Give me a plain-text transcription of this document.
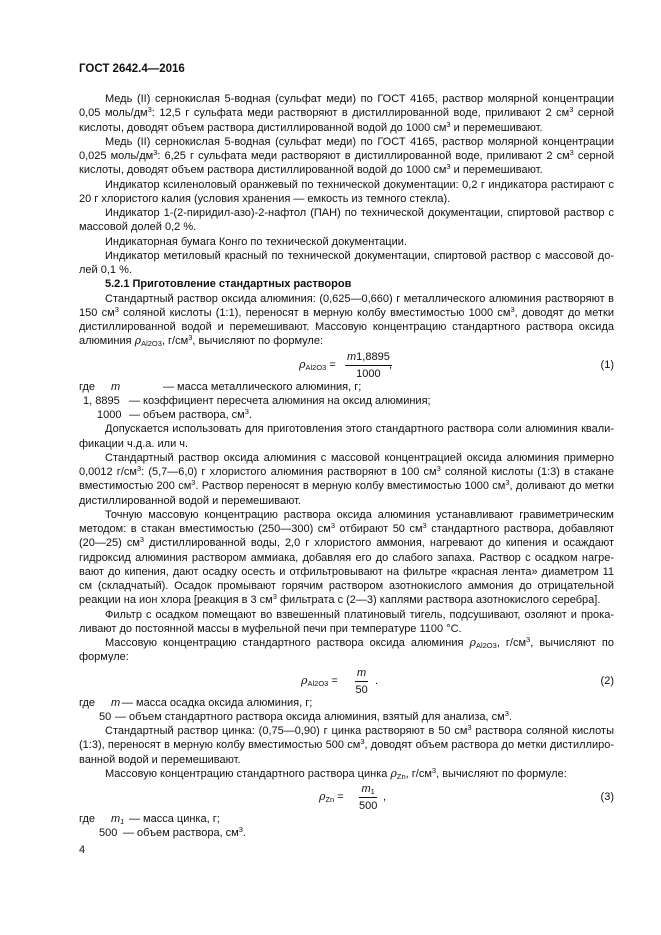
ГОСТ 2642.4—2016

Медь (II) сернокислая 5-водная (сульфат меди) по ГОСТ 4165, раствор молярной концентрации 0,05 моль/$дм^3$: 12,5 г сульфата меди растворяют в дистиллированной воде, приливают 2 $см^3$ серной кислоты, доводят объем раствора дистиллированной водой до 1000 $см^3$ и перемешивают.

Медь (II) сернокислая 5-водная (сульфат меди) по ГОСТ 4165, раствор молярной концентрации 0,025 моль/$дм^3$: 6,25 г сульфата меди растворяют в дистиллированной воде, приливают 2 $см^3$ серной кислоты, доводят объем раствора дистиллированной водой до 1000 $см^3$ и перемешивают.

Индикатор ксиленоловый оранжевый по технической документации: 0,2 г индикатора растирают с 20 г хлористого калия (условия хранения — емкость из темного стекла).

Индикатор 1-(2-пиридил-азо)-2-нафтол (ПАН) по технической документации, спиртовой раствор с массовой долей 0,2 %.

Индикаторная бумага Конго по технической документации.

Индикатор метиловый красный по технической документации, спиртовой раствор с массовой долей 0,1 %.

5.2.1 Приготовление стандартных растворов

Стандартный раствор оксида алюминия: (0,625—0,660) г металлического алюминия растворяют в 150 $см^3$ соляной кислоты (1:1), переносят в мерную колбу вместимостью 1000 $см^3$, доводят до метки дистиллированной водой и перемешивают. Массовую концентрацию стандартного раствора оксида алюминия $\rho_{Al2O3}$, $г/см^3$, вычисляют по формуле:

$\rho_{Al2O3} = \frac{m1,8895}{1000}$
,	(1)
где m	— масса металлического алюминия, г;
1, 8895 — коэффициент пересчета алюминия на оксид алюминия;
1000 — объем раствора, $см^3$.

Допускается использовать для приготовления этого стандартного раствора соли алюминия квалификации ч.д.а. или ч.

Стандартный раствор оксида алюминия с массовой концентрацией оксида алюминия примерно 0,0012 $г/см^3$: (5,7—6,0) г хлористого алюминия растворяют в 100 $см^3$ соляной кислоты (1:3) в стакане вместимостью 200 $см^3$. Раствор переносят в мерную колбу вместимостью 1000 $см^3$, доливают до метки дистиллированной водой и перемешивают.

Точную массовую концентрацию раствора оксида алюминия устанавливают гравиметрическим методом: в стакан вместимостью (250—300) $см^3$ отбирают 50 $см^3$ стандартного раствора, добавляют (20—25) $см^3$ дистиллированной воды, 2,0 г хлористого аммония, нагревают до кипения и осаждают гидроксид алюминия раствором аммиака, добавляя его до слабого запаха. Раствор с осадком нагревают до кипения, дают осадку осесть и отфильтровывают на фильтре «красная лента» диаметром 11 см (складчатый). Осадок промывают горячим раствором азотнокислого аммония до отрицательной реакции на ион хлора [реакция в 3 $см^3$ фильтрата с (2—3) каплями раствора азотнокислого серебра].

Фильтр с осадком помещают во взвешенный платиновый тигель, подсушивают, озоляют и прокаливают до постоянной массы в муфельной печи при температуре 1100 °С.

Массовую концентрацию стандартного раствора оксида алюминия $\rho_{Al2O3}$, $г/см^3$, вычисляют по формуле:

$\rho_{Al2O3} = \frac{m}{50}$ .	(2)
где m — масса осадка оксида алюминия, г;
50 — объем стандартного раствора оксида алюминия, взятый для анализа, $см^3$.

Стандартный раствор цинка: (0,75—0,90) г цинка растворяют в 50 $см^3$ раствора соляной кислоты (1:3), переносят в мерную колбу вместимостью 500 $см^3$, доводят объем раствора до метки дистиллированной водой и перемешивают.

Массовую концентрацию стандартного раствора цинка $\rho_{Zn}$, $г/см^3$, вычисляют по формуле:

$\rho_{Zn} = \frac{m_1}{500}$ ,	(3)
где $m_1$ — масса цинка, г;
500 — объем раствора, $см^3$.
4
